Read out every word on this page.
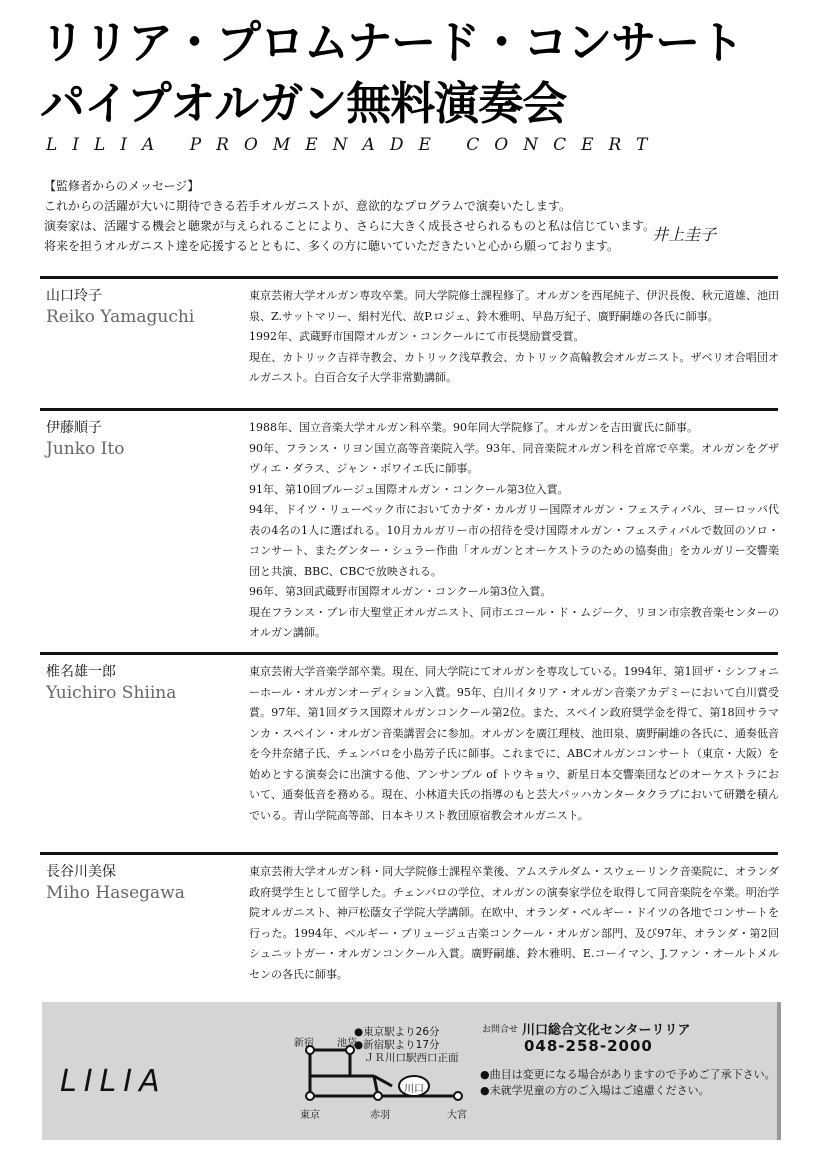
リリア・プロムナード・コンサート
パイプオルガン無料演奏会
LILIA PROMENADE CONCERT

【監修者からのメッセージ】

これからの活躍が大いに期待できる若手オルガニストが、意欲的なプログラムで演奏いたします。

演奏家は、活躍する機会と聴衆が与えられることにより、さらに大きく成長させられるものと私は信じています。

将来を担うオルガニスト達を応援するとともに、多くの方に聴いていただきたいと心から願っております。

井上圭子
山口玲子
Reiko Yamaguchi

東京芸術大学オルガン専攻卒業。同大学院修士課程修了。オルガンを西尾純子、伊沢長俊、秋元道雄、池田泉、Z.サットマリー、絹村光代、故P.ロジェ、鈴木雅明、早島万紀子、廣野嗣雄の各氏に師事。

1992年、武蔵野市国際オルガン・コンクールにて市長奨励賞受賞。

現在、カトリック吉祥寺教会、カトリック浅草教会、カトリック高輪教会オルガニスト。ザベリオ合唱団オルガニスト。白百合女子大学非常勤講師。

伊藤順子
Junko Ito

1988年、国立音楽大学オルガン科卒業。90年同大学院修了。オルガンを吉田實氏に師事。

90年、フランス・リヨン国立高等音楽院入学。93年、同音楽院オルガン科を首席で卒業。オルガンをグザヴィエ・ダラス、ジャン・ボワイエ氏に師事。

91年、第10回ブルージュ国際オルガン・コンクール第3位入賞。

94年、ドイツ・リューベック市においてカナダ・カルガリー国際オルガン・フェスティバル、ヨーロッパ代表の4名の1人に選ばれる。10月カルガリー市の招待を受け国際オルガン・フェスティバルで数回のソロ・コンサート、またグンター・シュラー作曲「オルガンとオーケストラのための協奏曲」をカルガリー交響楽団と共演、BBC、CBCで放映される。

96年、第3回武蔵野市国際オルガン・コンクール第3位入賞。

現在フランス・ブレ市大聖堂正オルガニスト、同市エコール・ド・ムジーク、リヨン市宗教音楽センターのオルガン講師。

椎名雄一郎
Yuichiro Shiina

東京芸術大学音楽学部卒業。現在、同大学院にてオルガンを専攻している。1994年、第1回ザ・シンフォニーホール・オルガンオーディション入賞。95年、白川イタリア・オルガン音楽アカデミーにおいて白川賞受賞。97年、第1回ダラス国際オルガンコンクール第2位。また、スペイン政府奨学金を得て、第18回サラマンカ・スペイン・オルガン音楽講習会に参加。オルガンを廣江理枝、池田泉、廣野嗣雄の各氏に、通奏低音を今井奈緒子氏、チェンバロを小島芳子氏に師事。これまでに、ABCオルガンコンサート（東京・大阪）を始めとする演奏会に出演する他、アンサンブル of トウキョウ、新星日本交響楽団などのオーケストラにおいて、通奏低音を務める。現在、小林道夫氏の指導のもと芸大バッハカンタータクラブにおいて研鑽を積んでいる。青山学院高等部、日本キリスト教団原宿教会オルガニスト。

長谷川美保
Miho Hasegawa

東京芸術大学オルガン科・同大学院修士課程卒業後、アムステルダム・スウェーリンク音楽院に、オランダ政府奨学生として留学した。チェンバロの学位、オルガンの演奏家学位を取得して同音楽院を卒業。明治学院オルガニスト、神戸松蔭女子学院大学講師。在欧中、オランダ・ベルギー・ドイツの各地でコンサートを行った。1994年、ベルギー・ブリュージュ古楽コンクール・オルガン部門、及び97年、オランダ・第2回シュニットガー・オルガンコンクール入賞。廣野嗣雄、鈴木雅明、E.コーイマン、J.ファン・オールトメルセンの各氏に師事。

LILIA
新宿 池袋
東京	赤羽
川口
大宮
●東京駅より26分
●新宿駅より17分
ＪＲ川口駅西口正面
お問合せ 川口総合文化センターリリア
048-258-2000
●曲目は変更になる場合がありますので予めご了承下さい。
●未就学児童の方のご入場はご遠慮ください。
